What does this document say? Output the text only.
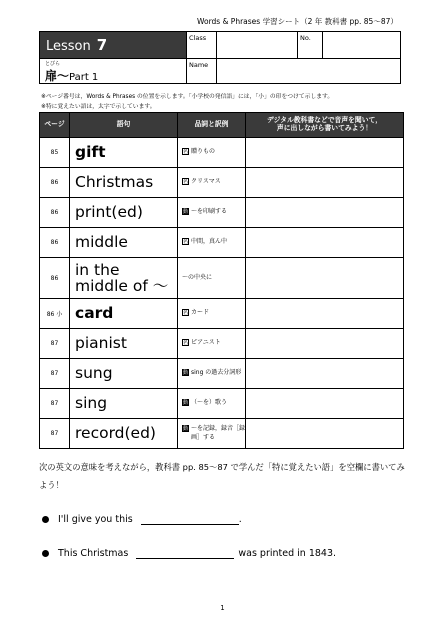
Words & Phrases 学習シート（2 年 教科書 pp. 85〜87）
Lesson 7
とびら
扉〜Part 1
Class	No.
Name
※ページ番号は，Words & Phrases の位置を示します。「小学校の発信語」には，「小」の印をつけて示します。
※特に覚えたい語は，太字で示しています。
ページ	語句	品詞と訳例	デジタル教科書などで音声を聞いて，
声に出しながら書いてみよう！

85	gift	名 贈りもの	

86	Christmas	名 クリスマス	

86	print(ed)	動 〜を印刷する	

86	middle	名 中間，真ん中	

86	in the middle of 〜	〜の中央に	

86 小	card	名 カード	

87	pianist	名 ピアニスト	

87	sung	動 sing の過去分詞形	

87	sing	動 （〜を）歌う	

87	record(ed)	動 〜を記録，録音［録画］する	

次の英文の意味を考えながら，教科書 pp. 85〜87 で学んだ「特に覚えたい語」を空欄に書いてみよう！
I'll give you this	.
This Christmas	was printed in 1843.
1
